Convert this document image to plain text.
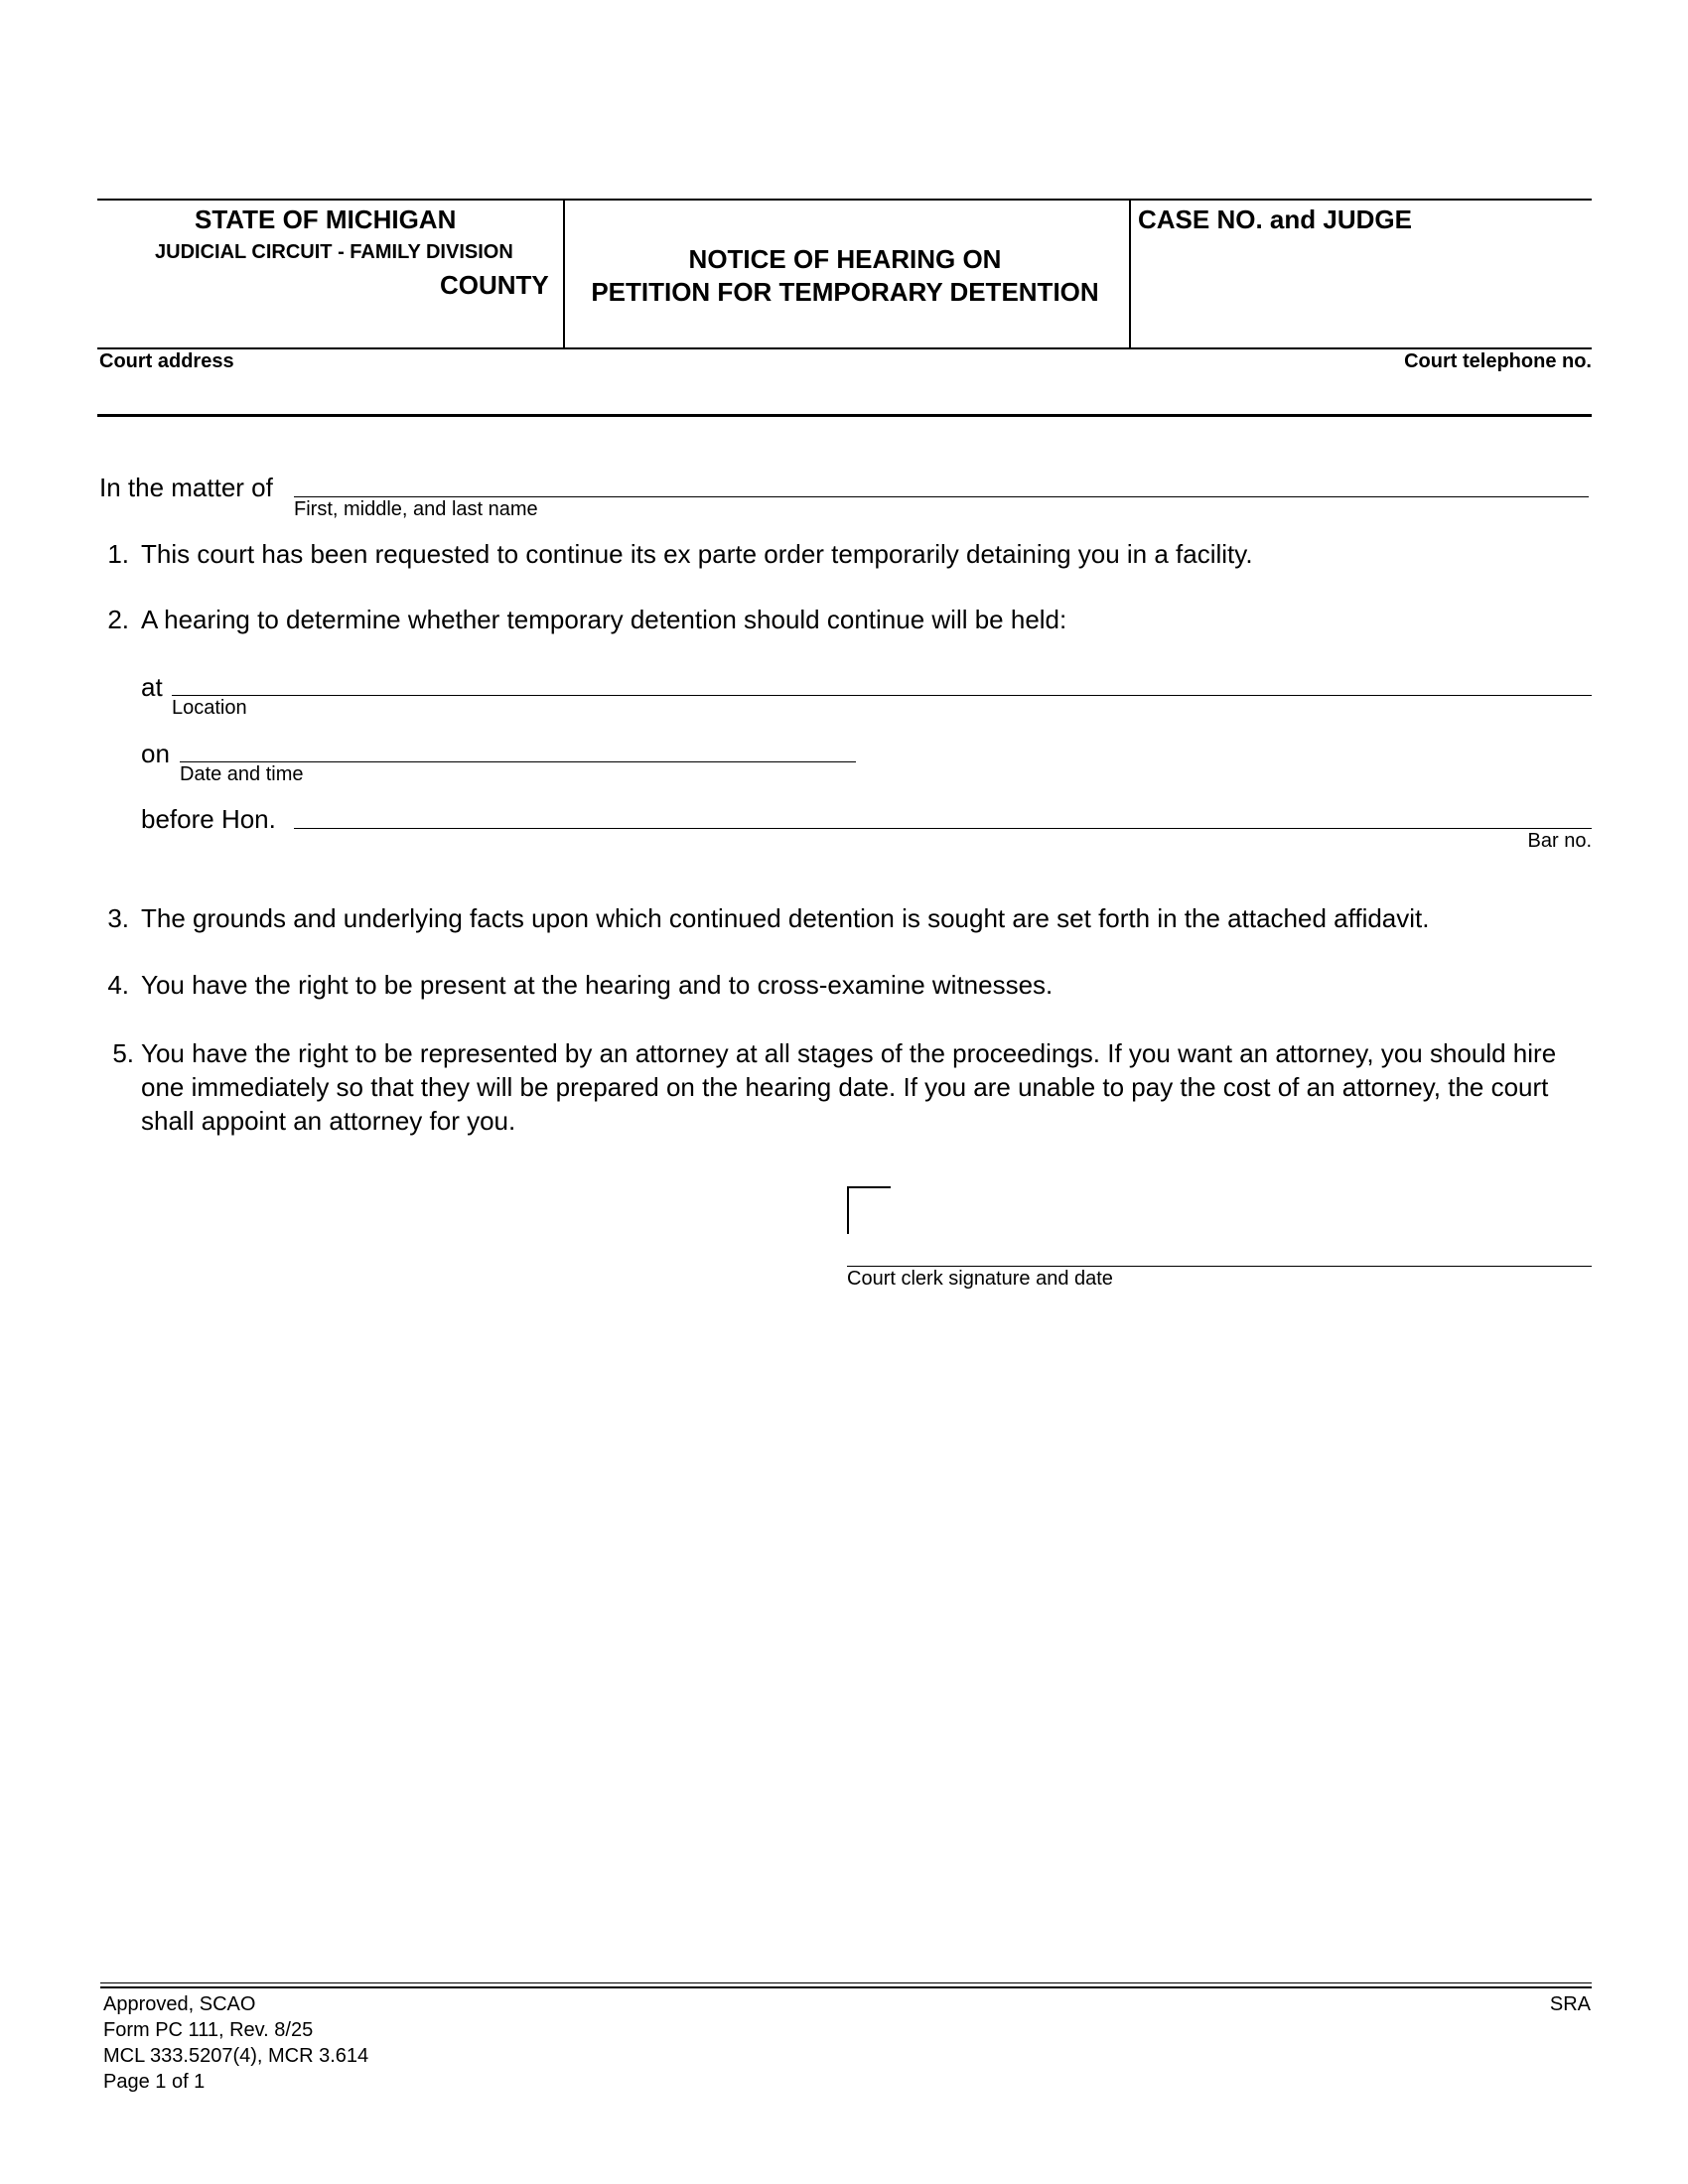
STATE OF MICHIGAN
JUDICIAL CIRCUIT - FAMILY DIVISION
COUNTY
NOTICE OF HEARING ON
PETITION FOR TEMPORARY DETENTION
CASE NO. and JUDGE
Court address	Court telephone no.
In the matter of
First, middle, and last name
1. This court has been requested to continue its ex parte order temporarily detaining you in a facility.
2. A hearing to determine whether temporary detention should continue will be held:
at
Location
on
Date and time
before Hon.
Bar no.
3. The grounds and underlying facts upon which continued detention is sought are set forth in the attached affidavit.
4. You have the right to be present at the hearing and to cross-examine witnesses.
5. You have the right to be represented by an attorney at all stages of the proceedings. If you want an attorney, you should hire one immediately so that they will be prepared on the hearing date. If you are unable to pay the cost of an attorney, the court shall appoint an attorney for you.
Court clerk signature and date
Approved, SCAO
Form PC 111, Rev. 8/25
MCL 333.5207(4), MCR 3.614
Page 1 of 1
SRA
